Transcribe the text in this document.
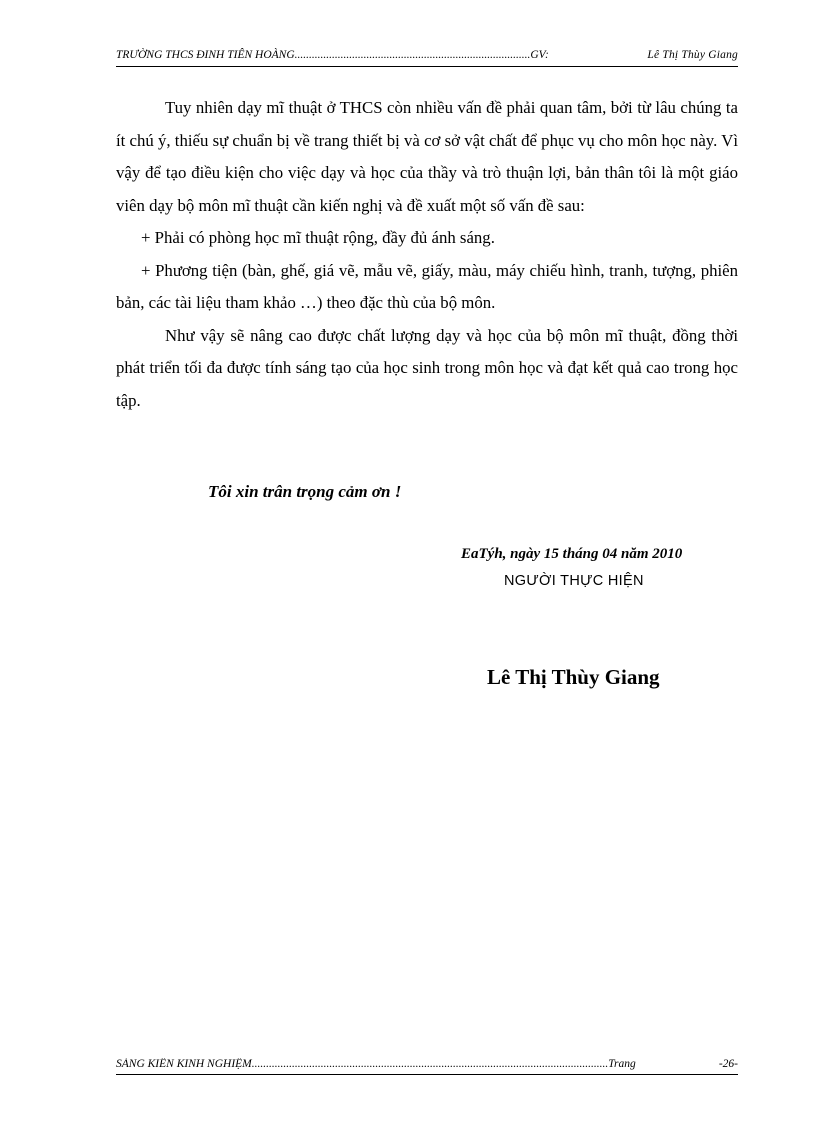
TRƯỜNG THCS ĐINH TIÊN HOÀNG..................................................................................GV:	Lê Thị Thùy Giang

Tuy nhiên dạy mĩ thuật ở THCS còn nhiều vấn đề phải quan tâm, bởi từ lâu chúng ta ít chú ý, thiếu sự chuẩn bị về trang thiết bị và cơ sở vật chất để phục vụ cho môn học này. Vì vậy để tạo điều kiện cho việc dạy và học của thầy và trò thuận lợi, bản thân tôi là một giáo viên dạy bộ môn mĩ thuật cần kiến nghị và đề xuất một số vấn đề sau:

+ Phải có phòng học mĩ thuật rộng, đầy đủ ánh sáng.

+ Phương tiện (bàn, ghế, giá vẽ, mẫu vẽ, giấy, màu, máy chiếu hình, tranh, tượng, phiên bản, các tài liệu tham khảo …) theo đặc thù của bộ môn.

Như vậy sẽ nâng cao được chất lượng dạy và học của bộ môn mĩ thuật, đồng thời phát triển tối đa được tính sáng tạo của học sinh trong môn học và đạt kết quả cao trong học tập.

Tôi xin trân trọng cảm ơn !
EaTýh, ngày 15 tháng 04 năm 2010
NGƯỜI THỰC HIỆN
Lê Thị Thùy Giang
SÁNG KIẾN KINH NGHIỆM............................................................................................................................Trang	-26-
